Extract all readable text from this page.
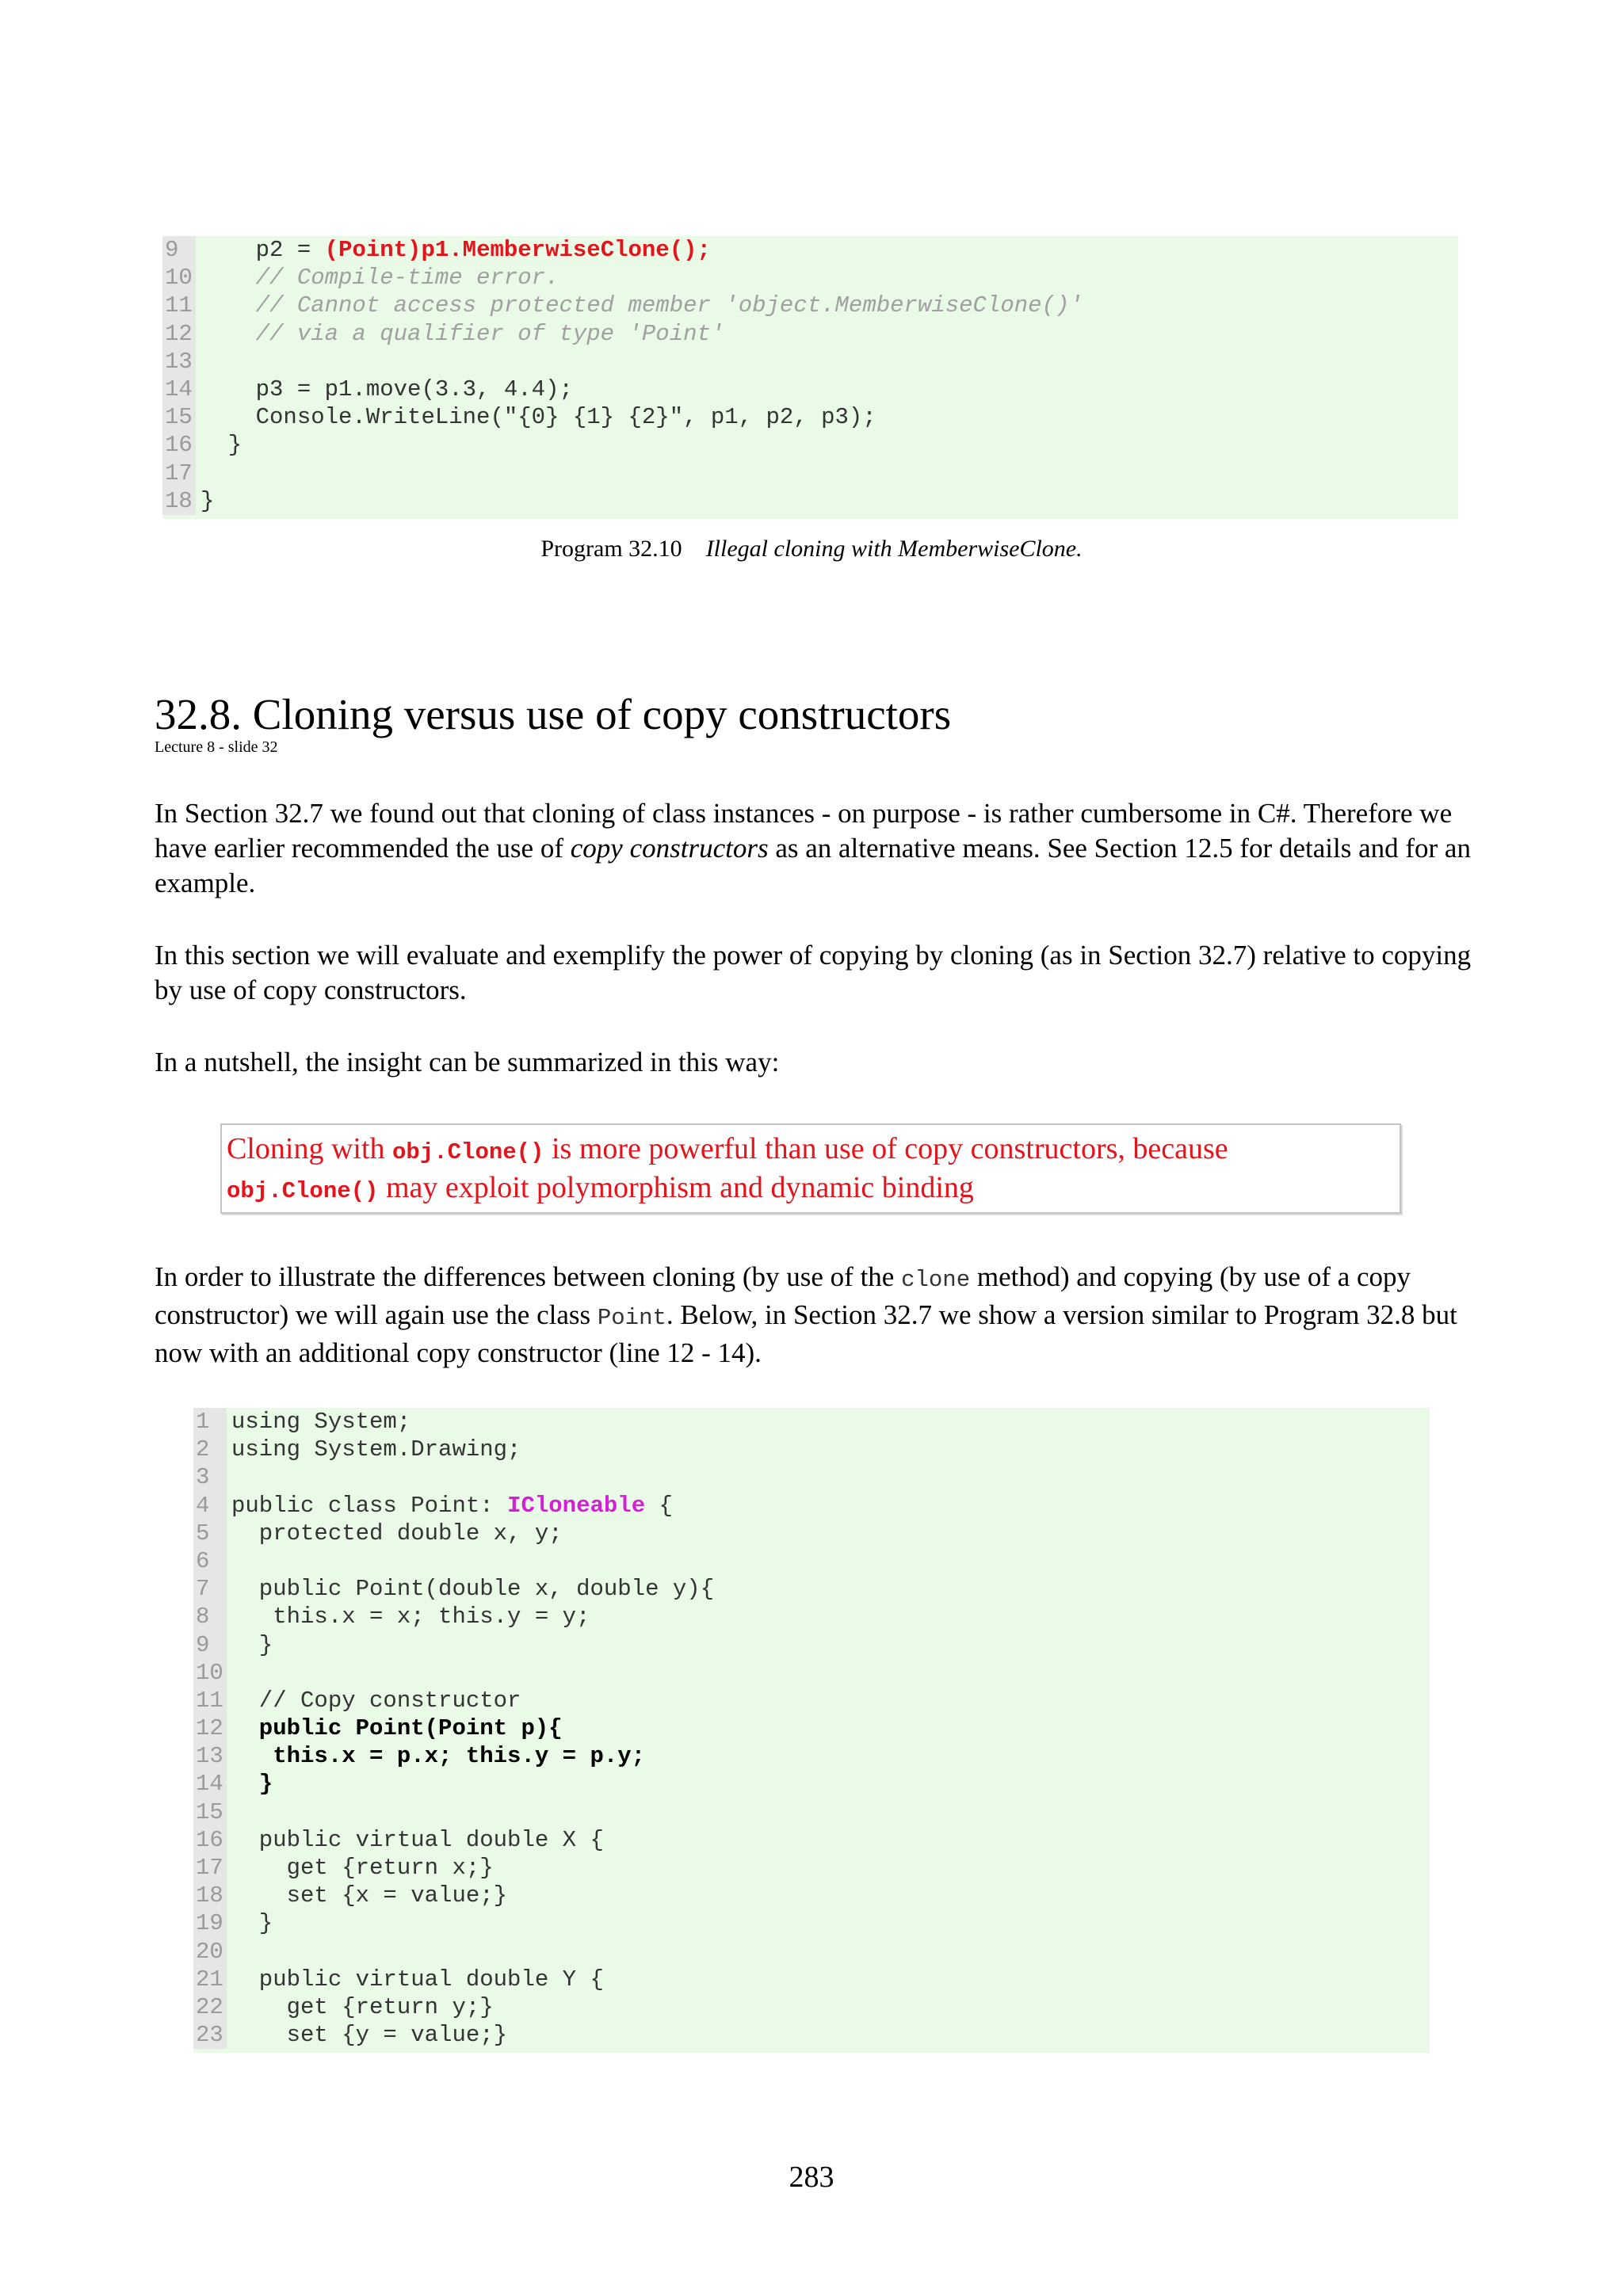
9 p2 = (Point)p1.MemberwiseClone();
10 // Compile-time error.
11 // Cannot access protected member 'object.MemberwiseClone()'
12 // via a qualifier of type 'Point'
13
14 p3 = p1.move(3.3, 4.4);
15 Console.WriteLine("{0} {1} {2}", p1, p2, p3);
16 }
17
18 }
Program 32.10 Illegal cloning with MemberwiseClone.
32.8. Cloning versus use of copy constructors
Lecture 8 - slide 32

In Section 32.7 we found out that cloning of class instances - on purpose - is rather cumbersome in C#. Therefore we have earlier recommended the use of copy constructors as an alternative means. See Section 12.5 for details and for an example.

In this section we will evaluate and exemplify the power of copying by cloning (as in Section 32.7) relative to copying by use of copy constructors.

In a nutshell, the insight can be summarized in this way:

Cloning with obj.Clone() is more powerful than use of copy constructors, because
obj.Clone() may exploit polymorphism and dynamic binding

In order to illustrate the differences between cloning (by use of the clone method) and copying (by use of a copy constructor) we will again use the class Point. Below, in Section 32.7 we show a version similar to Program 32.8 but now with an additional copy constructor (line 12 - 14).

1 using System;
2 using System.Drawing;
3
4 public class Point: ICloneable {
5 protected double x, y;
6
7 public Point(double x, double y){
8 this.x = x; this.y = y;
9 }
10
11 // Copy constructor
12 public Point(Point p){
13 this.x = p.x; this.y = p.y;
14 }
15
16 public virtual double X {
17 get {return x;}
18 set {x = value;}
19 }
20
21 public virtual double Y {
22 get {return y;}
23 set {y = value;}
283
